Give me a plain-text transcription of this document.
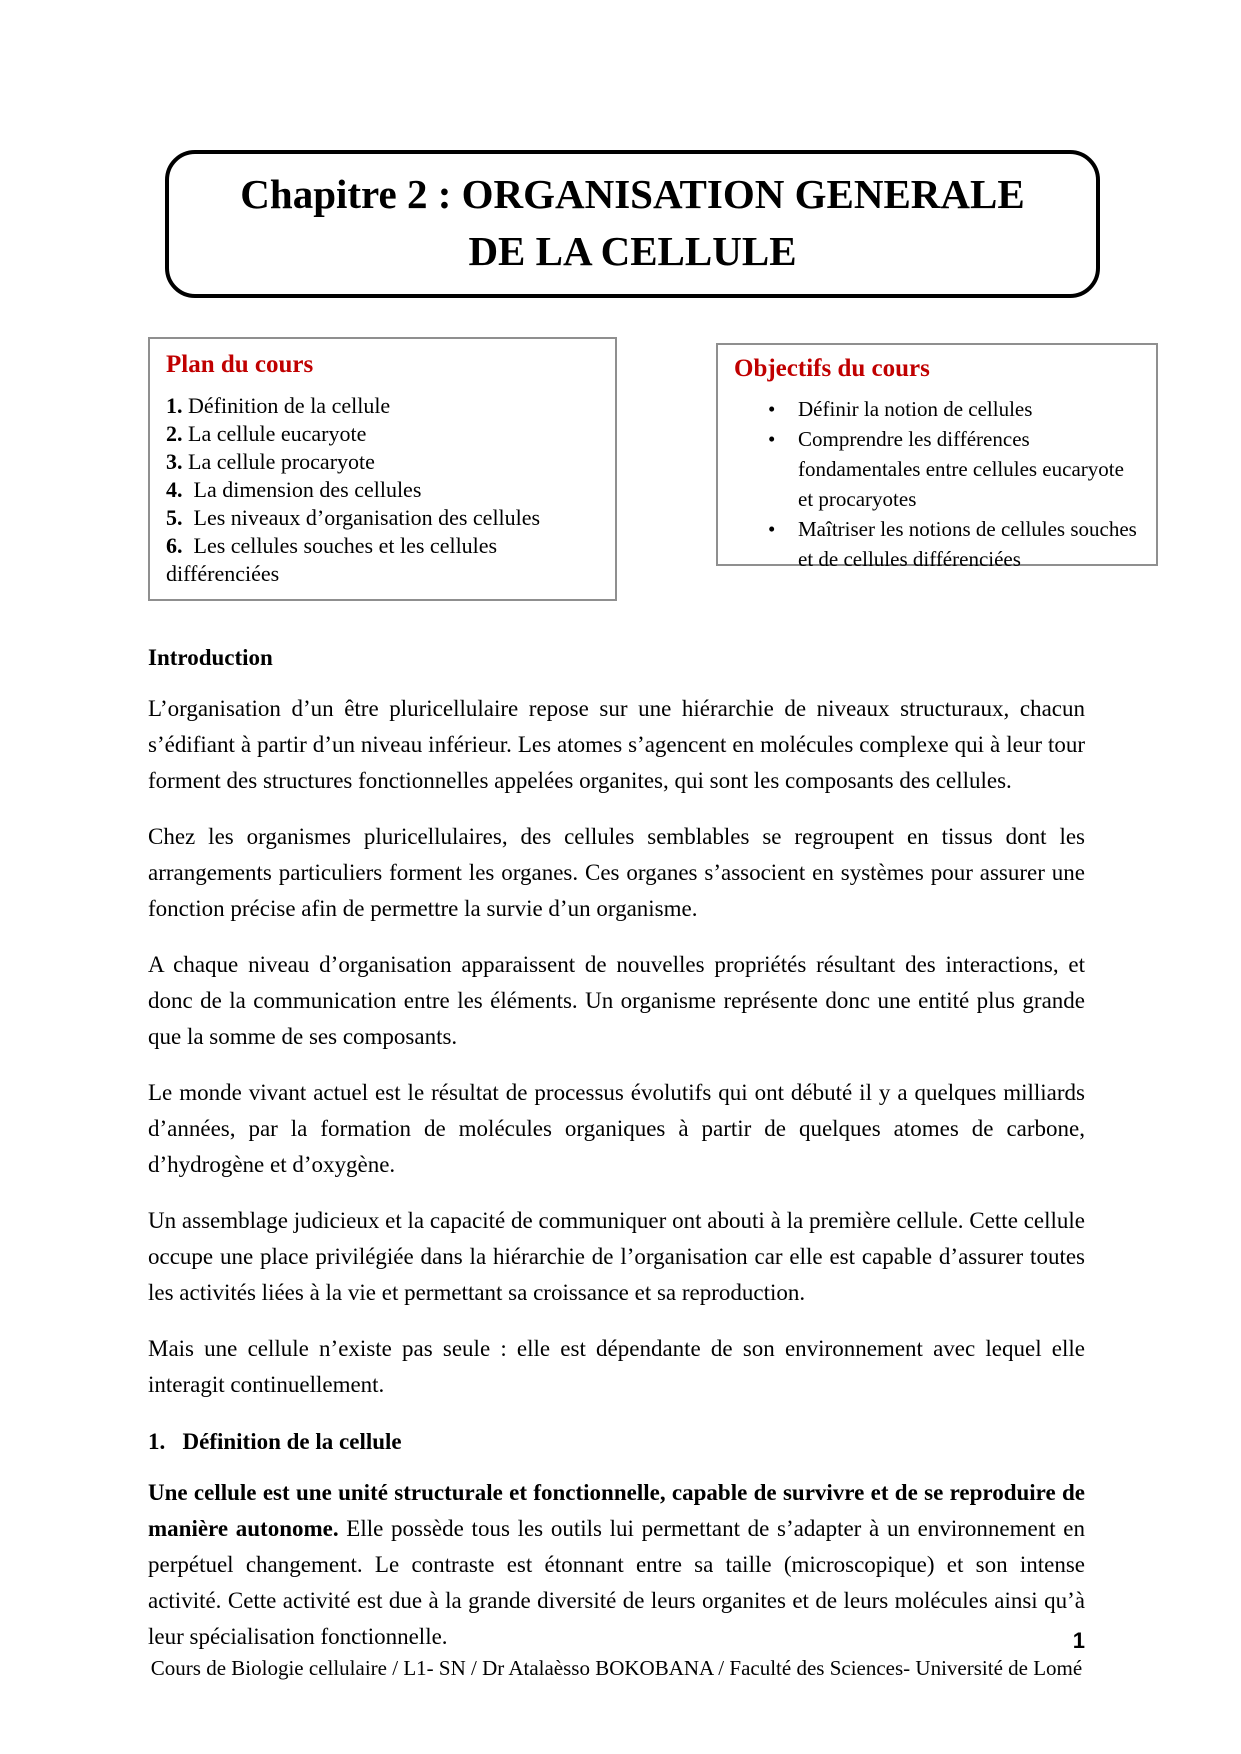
Chapitre 2 : ORGANISATION GENERALE
DE LA CELLULE
Plan du cours
1. Définition de la cellule
2. La cellule eucaryote
3. La cellule procaryote
4.  La dimension des cellules
5.  Les niveaux d’organisation des cellules
6.  Les cellules souches et les cellules différenciées
Objectifs du cours
• Définir la notion de cellules
• Comprendre les différences fondamentales entre cellules eucaryote et procaryotes
• Maîtriser les notions de cellules souches et de cellules différenciées
Introduction

L’organisation d’un être pluricellulaire repose sur une hiérarchie de niveaux structuraux, chacun s’édifiant à partir d’un niveau inférieur. Les atomes s’agencent en molécules complexe qui à leur tour forment des structures fonctionnelles appelées organites, qui sont les composants des cellules.

Chez les organismes pluricellulaires, des cellules semblables se regroupent en tissus dont les arrangements particuliers forment les organes. Ces organes s’associent en systèmes pour assurer une fonction précise afin de permettre la survie d’un organisme.

A chaque niveau d’organisation apparaissent de nouvelles propriétés résultant des interactions, et donc de la communication entre les éléments. Un organisme représente donc une entité plus grande que la somme de ses composants.

Le monde vivant actuel est le résultat de processus évolutifs qui ont débuté il y a quelques milliards d’années, par la formation de molécules organiques à partir de quelques atomes de carbone, d’hydrogène et d’oxygène.

Un assemblage judicieux et la capacité de communiquer ont abouti à la première cellule. Cette cellule occupe une place privilégiée dans la hiérarchie de l’organisation car elle est capable d’assurer toutes les activités liées à la vie et permettant sa croissance et sa reproduction.

Mais une cellule n’existe pas seule : elle est dépendante de son environnement avec lequel elle interagit continuellement.

1.   Définition de la cellule

Une cellule est une unité structurale et fonctionnelle, capable de survivre et de se reproduire de manière autonome. Elle possède tous les outils lui permettant de s’adapter à un environnement en perpétuel changement. Le contraste est étonnant entre sa taille (microscopique) et son intense activité. Cette activité est due à la grande diversité de leurs organites et de leurs molécules ainsi qu’à leur spécialisation fonctionnelle.	1
Cours de Biologie cellulaire / L1- SN / Dr Atalaèsso BOKOBANA / Faculté des Sciences- Université de Lomé
